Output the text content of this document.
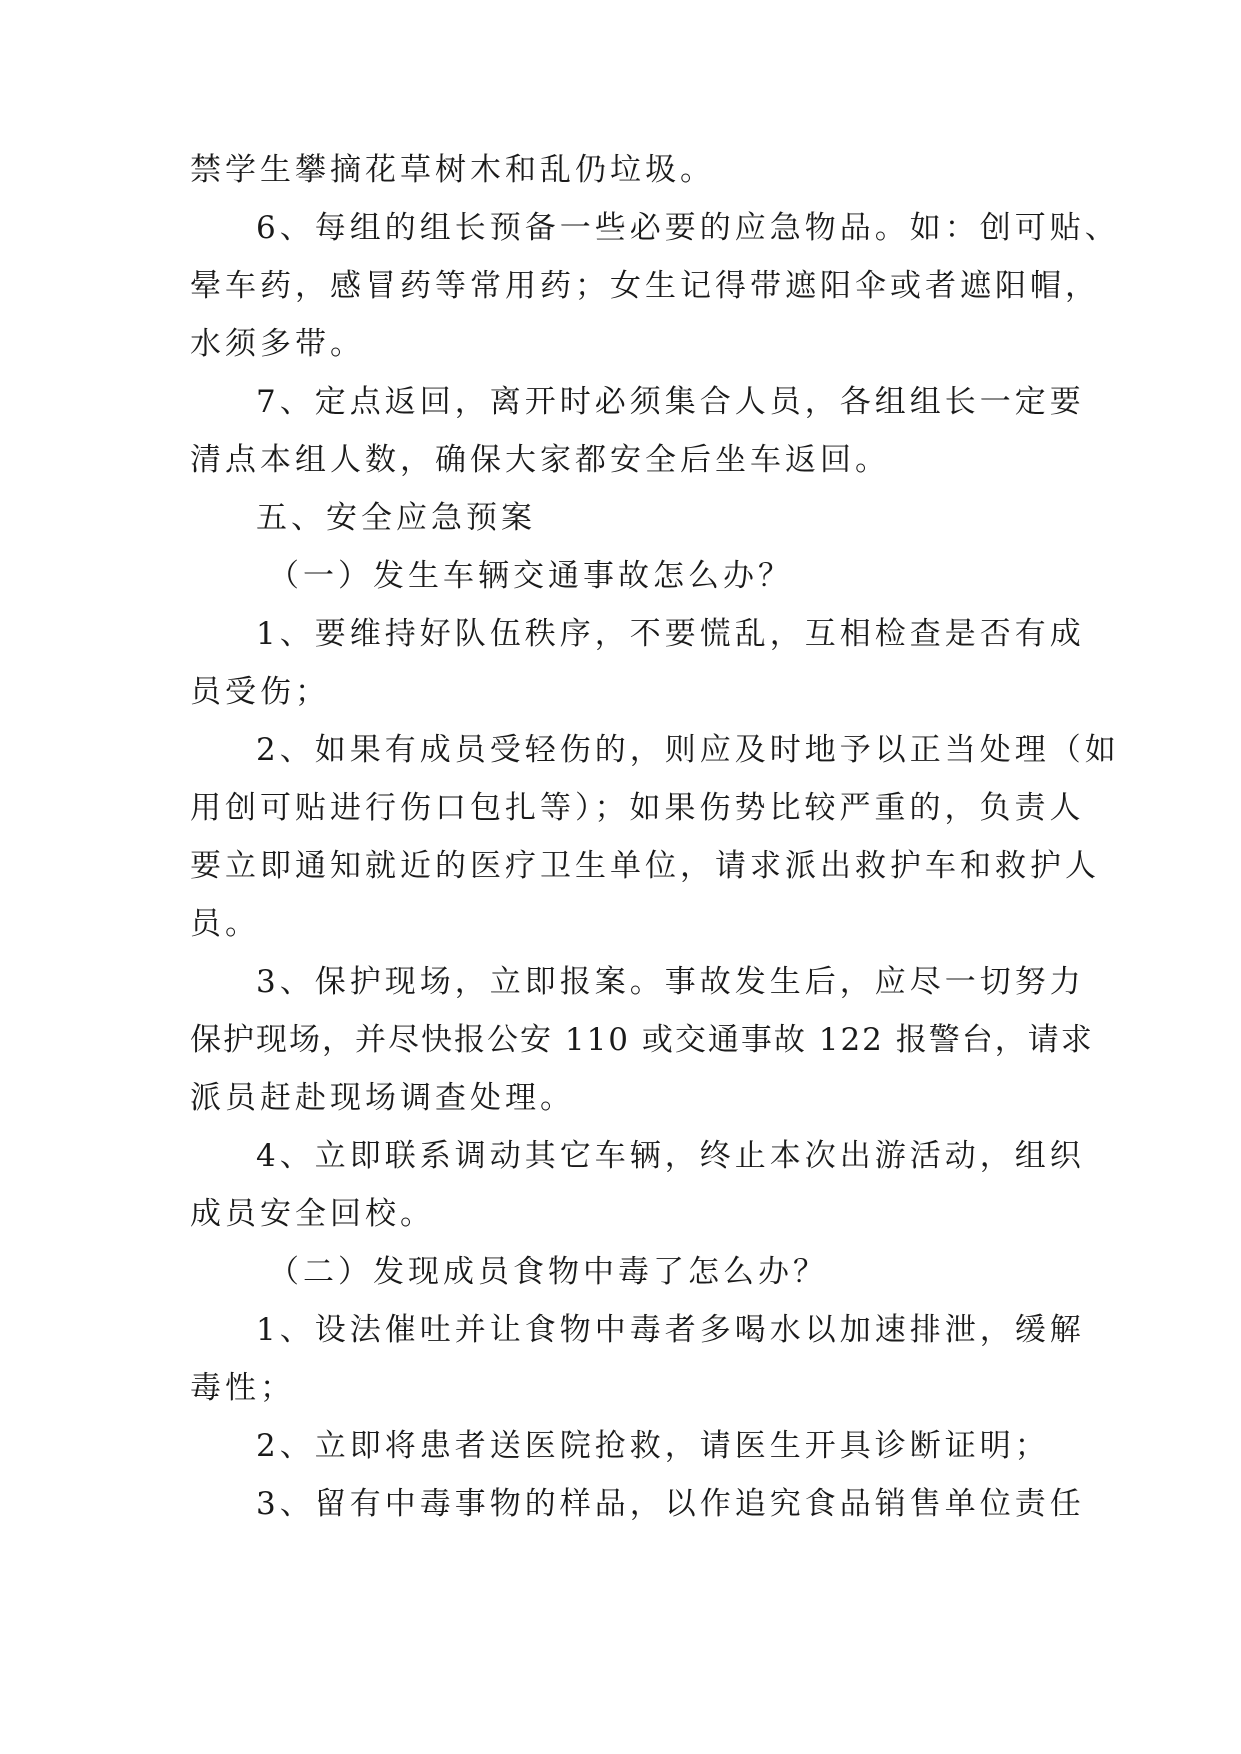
禁学生攀摘花草树木和乱仍垃圾。

6、每组的组长预备一些必要的应急物品。如：创可贴、

晕车药，感冒药等常用药；女生记得带遮阳伞或者遮阳帽，

水须多带。

7、定点返回，离开时必须集合人员，各组组长一定要

清点本组人数，确保大家都安全后坐车返回。

五、安全应急预案

（一）发生车辆交通事故怎么办？

1、要维持好队伍秩序，不要慌乱，互相检查是否有成

员受伤；

2、如果有成员受轻伤的，则应及时地予以正当处理（如

用创可贴进行伤口包扎等）；如果伤势比较严重的，负责人

要立即通知就近的医疗卫生单位，请求派出救护车和救护人

员。

3、保护现场，立即报案。事故发生后，应尽一切努力

保护现场，并尽快报公安 110 或交通事故 122 报警台，请求

派员赶赴现场调查处理。

4、立即联系调动其它车辆，终止本次出游活动，组织

成员安全回校。

（二）发现成员食物中毒了怎么办？

1、设法催吐并让食物中毒者多喝水以加速排泄，缓解

毒性；

2、立即将患者送医院抢救，请医生开具诊断证明；

3、留有中毒事物的样品，以作追究食品销售单位责任
